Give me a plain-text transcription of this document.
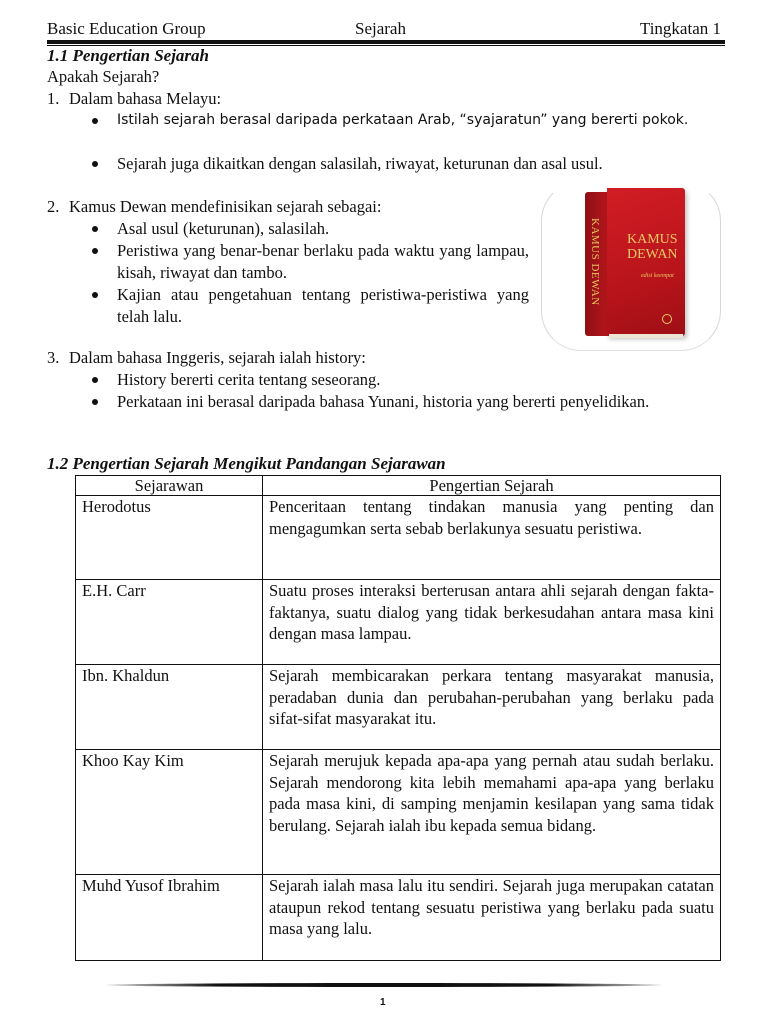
Basic Education Group	Sejarah	Tingkatan 1
1.1 Pengertian Sejarah
Apakah Sejarah?
1. Dalam bahasa Melayu:
Istilah sejarah berasal daripada perkataan Arab, “syajaratun” yang bererti pokok.
Sejarah juga dikaitkan dengan salasilah, riwayat, keturunan dan asal usul.
2. Kamus Dewan mendefinisikan sejarah sebagai:
Asal usul (keturunan), salasilah.
Peristiwa yang benar-benar berlaku pada waktu yang lampau, kisah, riwayat dan tambo.
Kajian atau pengetahuan tentang peristiwa-peristiwa yang telah lalu.
KAMUS DEWAN KAMUS
DEWAN
edisi keempat
3. Dalam bahasa Inggeris, sejarah ialah history:
History bererti cerita tentang seseorang.
Perkataan ini berasal daripada bahasa Yunani, historia yang bererti penyelidikan.
1.2 Pengertian Sejarah Mengikut Pandangan Sejarawan
Sejarawan	Pengertian Sejarah
Herodotus	Penceritaan tentang tindakan manusia yang penting dan mengagumkan serta sebab berlakunya sesuatu peristiwa.
E.H. Carr	Suatu proses interaksi berterusan antara ahli sejarah dengan fakta-faktanya, suatu dialog yang tidak berkesudahan antara masa kini dengan masa lampau.
Ibn. Khaldun	Sejarah membicarakan perkara tentang masyarakat manusia, peradaban dunia dan perubahan-perubahan yang berlaku pada sifat-sifat masyarakat itu.
Khoo Kay Kim	Sejarah merujuk kepada apa-apa yang pernah atau sudah berlaku. Sejarah mendorong kita lebih memahami apa-apa yang berlaku pada masa kini, di samping menjamin kesilapan yang sama tidak berulang. Sejarah ialah ibu kepada semua bidang.
Muhd Yusof Ibrahim	Sejarah ialah masa lalu itu sendiri. Sejarah juga merupakan catatan ataupun rekod tentang sesuatu peristiwa yang berlaku pada suatu masa yang lalu.
1
